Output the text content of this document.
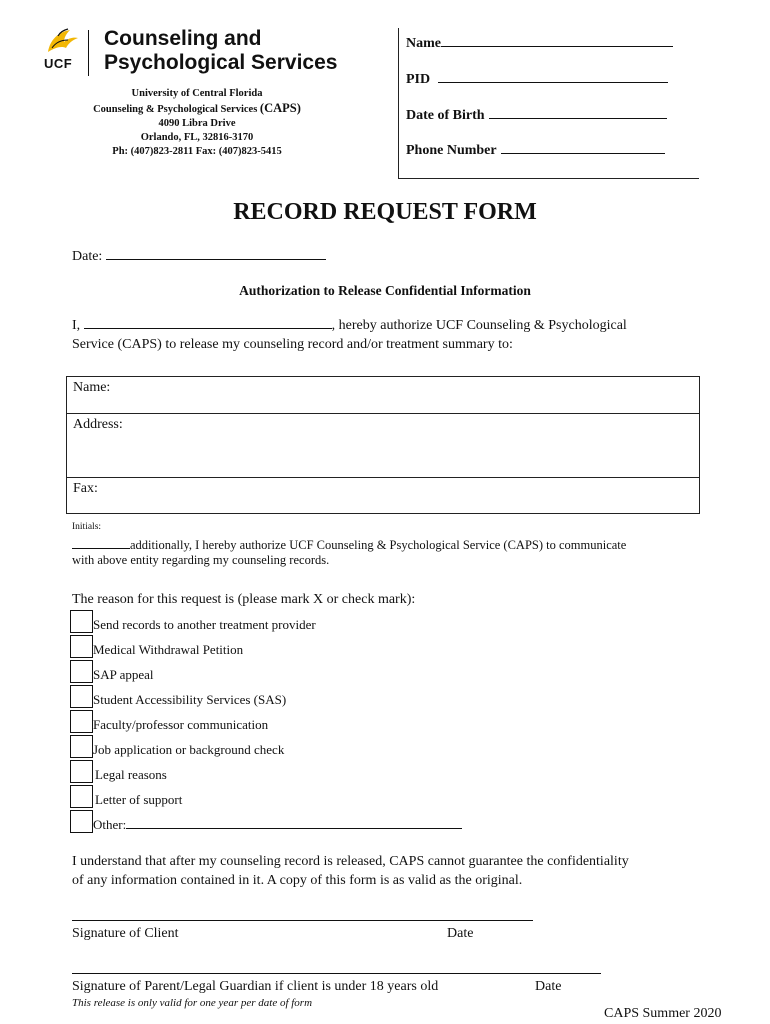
UCF
Counseling and
Psychological Services
University of Central Florida
Counseling & Psychological Services (CAPS)
4090 Libra Drive
Orlando, FL, 32816-3170
Ph: (407)823-2811 Fax: (407)823-5415
Name
PID
Date of Birth
Phone Number
RECORD REQUEST FORM
Date:
Authorization to Release Confidential Information
I,	, hereby authorize UCF Counseling & Psychological
Service (CAPS) to release my counseling record and/or treatment summary to:
Name:
Address:
Fax:
Initials:
additionally, I hereby authorize UCF Counseling & Psychological Service (CAPS) to communicate
with above entity regarding my counseling records.
The reason for this request is (please mark X or check mark):
Send records to another treatment provider
Medical Withdrawal Petition
SAP appeal
Student Accessibility Services (SAS)
Faculty/professor communication
Job application or background check
Legal reasons
Letter of support
Other:
I understand that after my counseling record is released, CAPS cannot guarantee the confidentiality
of any information contained in it. A copy of this form is as valid as the original.
Signature of Client	Date
Signature of Parent/Legal Guardian if client is under 18 years old	Date
This release is only valid for one year per date of form
CAPS Summer 2020
